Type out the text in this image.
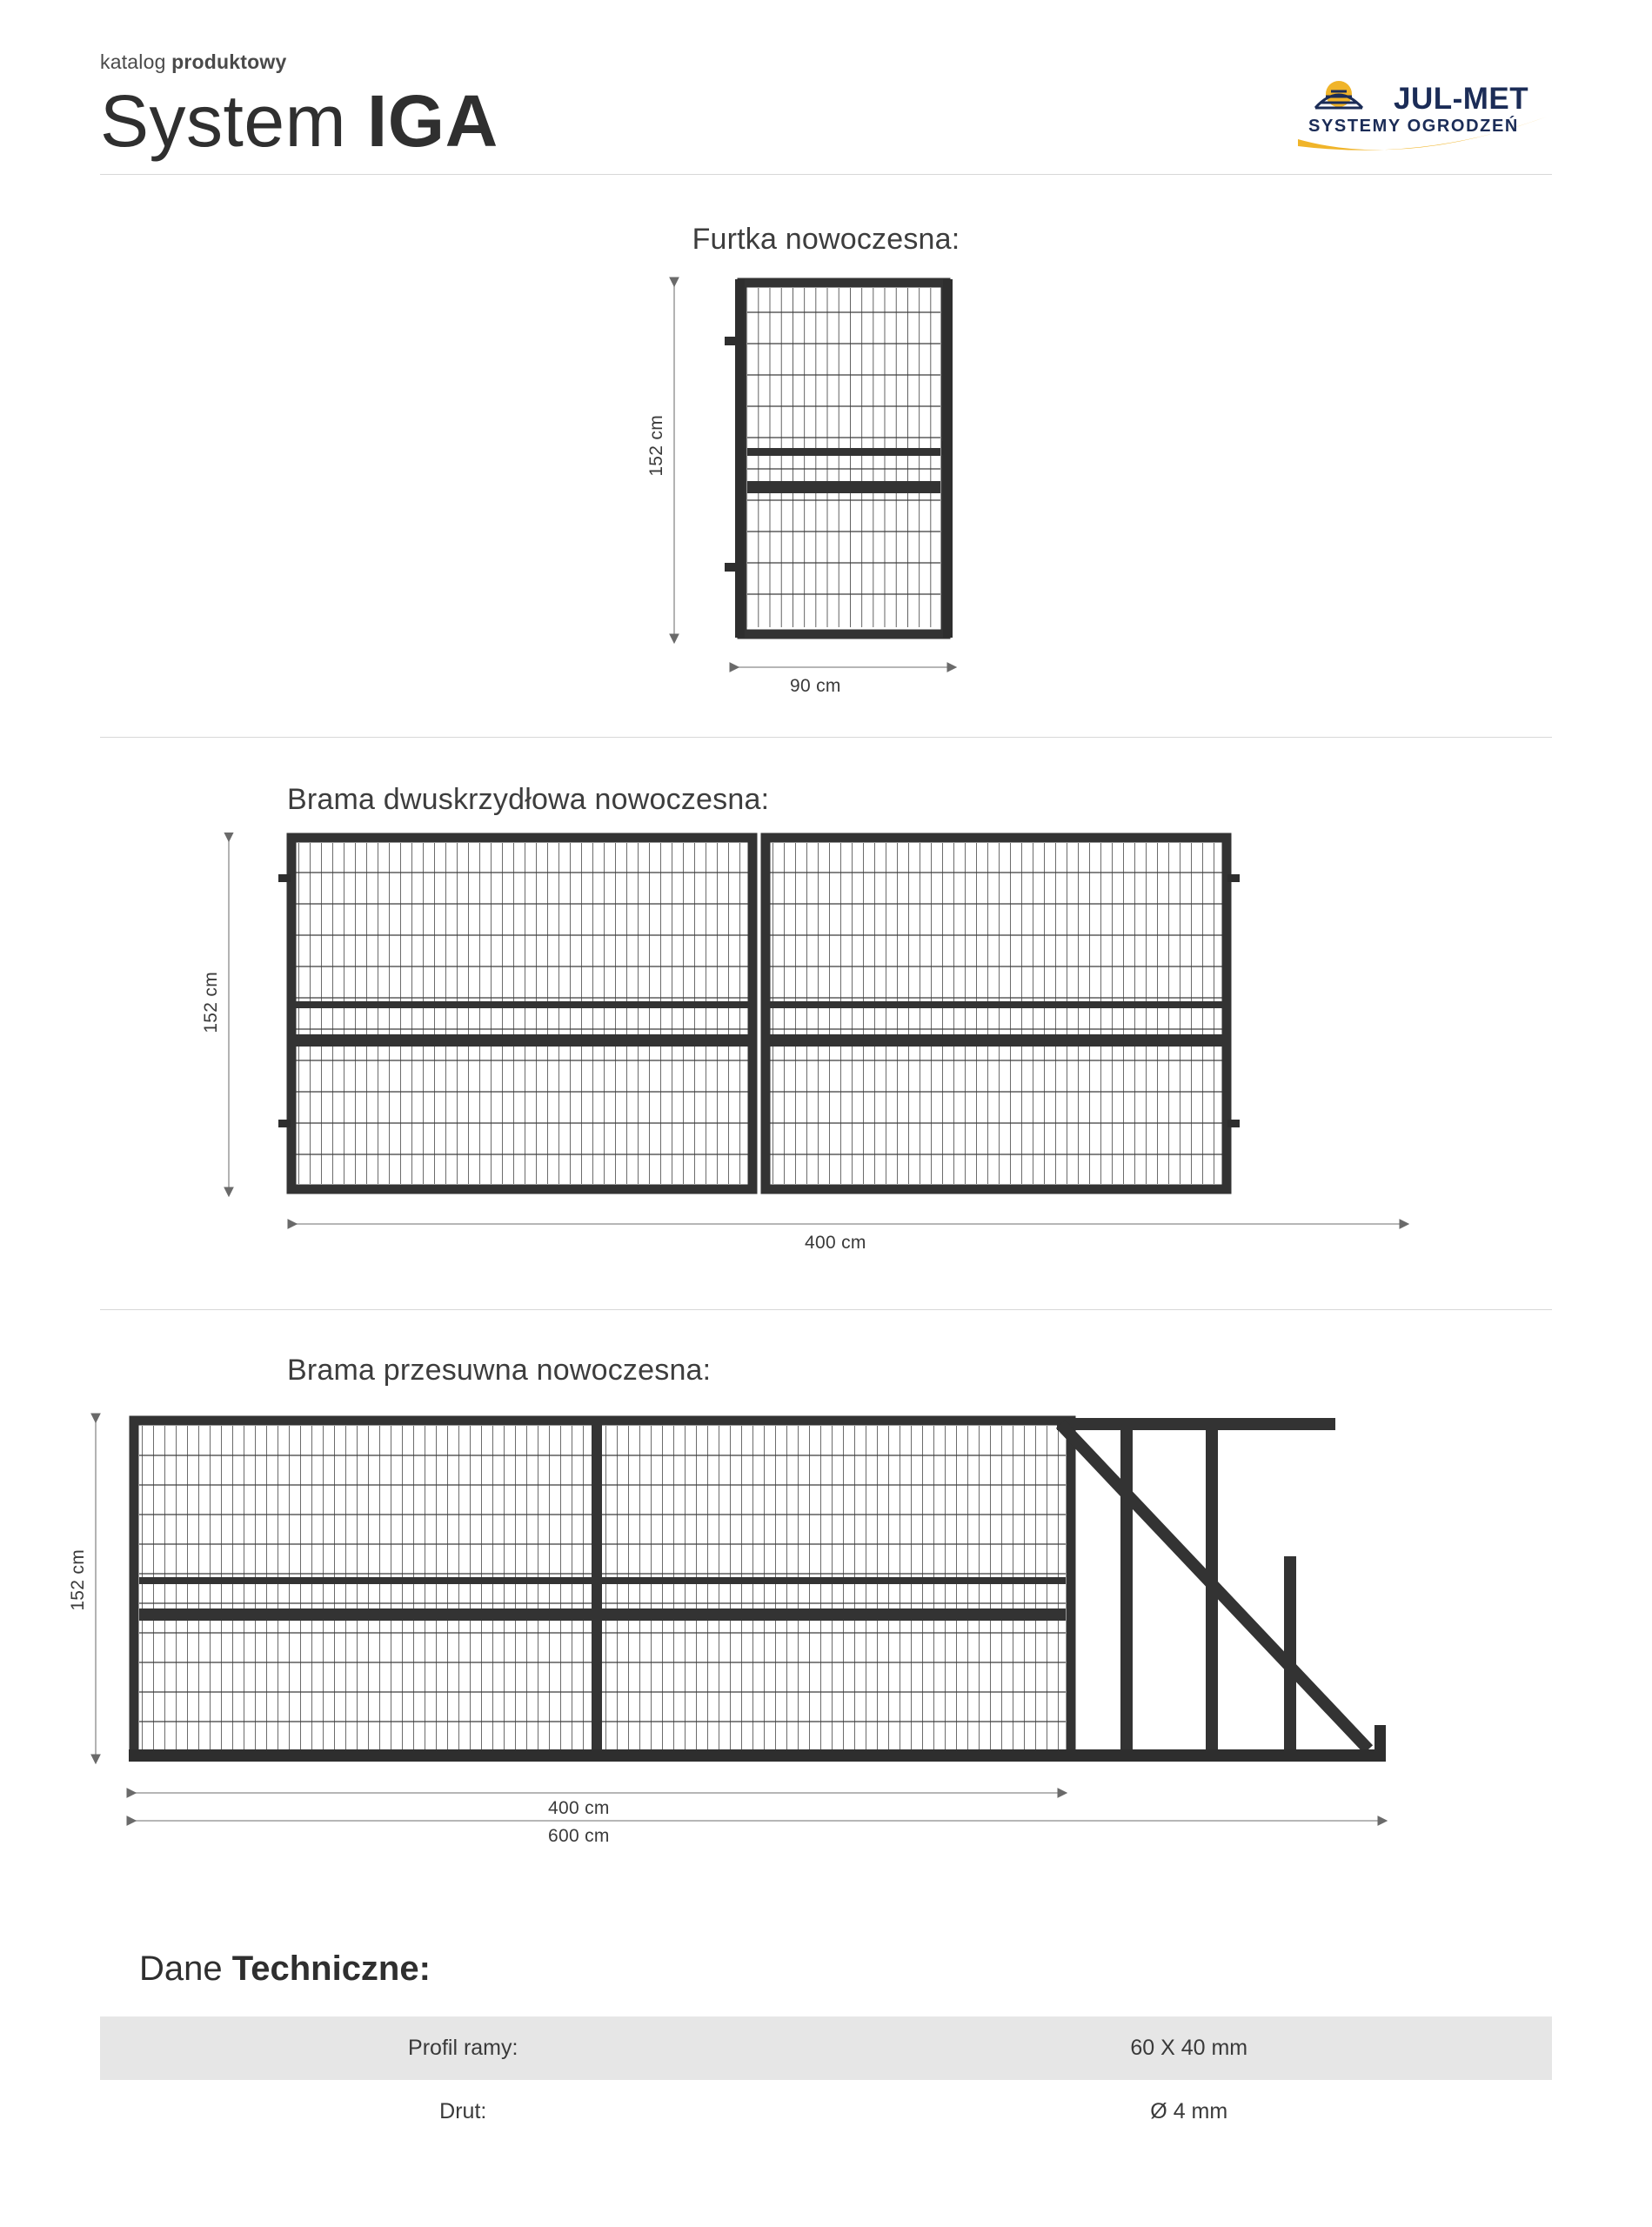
katalog produktowy
System IGA	JUL-MET
SYSTEMY OGRODZEŃ
Furtka nowoczesna:
152 cm
90 cm
Brama dwuskrzydłowa nowoczesna:
152 cm
400 cm
Brama przesuwna nowoczesna:
152 cm
400 cm
600 cm
Dane Techniczne:
Profil ramy:	60 X 40 mm
Drut:	Ø 4 mm
